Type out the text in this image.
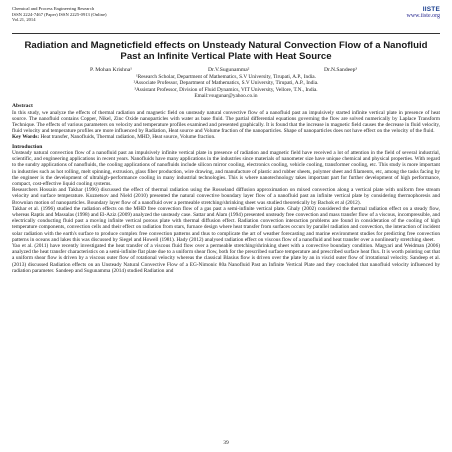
Chemical and Process Engineering Research
ISSN 2224-7467 (Paper) ISSN 2225-0913 (Online)
Vol.21, 2014
IISTE
www.iiste.org
Radiation and Magneticfield effects on Unsteady Natural Convection Flow of a Nanofluid Past an Infinite Vertical Plate with Heat Source
P. Mohan Krishna¹	Dr.V.Sugunamma²	Dr.N.Sandeep³
¹Research Scholar, Department of Mathematics, S.V University, Tirupati, A.P., India.
²Associate Professor, Department of Mathematics, S.V University, Tirupati, A.P., India.
³Assistant Professor, Division of Fluid Dynamics, VIT University, Vellore, T.N., India.
Email:vsugunar@yahoo.co.in
Abstract
In this study, we analyze the effects of thermal radiation and magnetic field on unsteady natural convective flow of a nanofluid past an impulsively started infinite vertical plate in presence of heat source. The nanofluid contains Copper, Nikel, Zinc Oxide nanoparticles with water as base fluid. The partial differential equations governing the flow are solved numerically by Laplace Transform Technique. The effects of various parameters on velocity and temperature profiles examined and presented graphically. It is found that the increase in magnetic field causes the decrease in fluid velocity, fluid velocity and temperature profiles are more influenced by Radiation, Heat source and Volume fraction of the nanoparticles. Shape of nanoparticles does not have effect on the velocity of the fluid.
Key Words: Heat transfer, Nanofluids, Thermal radiation, MHD, Heat source, Volume fraction.
Introduction
Unsteady natural convection flow of a nanofluid past an impulsively infinite vertical plate in presence of radiation and magnetic field have received a lot of attention in the field of several industrial, scientific, and engineering applications in recent years. Nanofluids have many applications in the industries since materials of nanometer size have unique chemical and physical properties. With regard to the sundry applications of nanofluids, the cooling applications of nanofluids include silicon mirror cooling, electronics cooling, vehicle cooling, transformer cooling, etc. This study is more important in industries such as hot rolling, melt spinning, extrusion, glass fiber production, wire drawing, and manufacture of plastic and rubber sheets, polymer sheet and filaments, etc, among the tasks facing by the engineer is the development of ultrahigh-performance cooling in many industrial technologies. This is where nanotechnology takes important part for further development of high performance, compact, cost-effective liquid cooling systems.
Researchers Hossain and Takhar (1996) discussed the effect of thermal radiation using the Rosseland diffusion approximation on mixed convection along a vertical plate with uniform free stream velocity and surface temperature. Kuznetsov and Nield (2010) presented the natural convective boundary layer flow of a nanofluid past an infinite vertical plate by considering thermophoresis and Brownian motion of nanoparticles. Boundary layer flow of a nanofluid over a permeable stretching/shrinking sheet was studied theoretically by Bachok et al (2012).
Takhar et al. (1996) studied the radiation effects on the MHD free convection flow of a gas past a semi-infinite vertical plate. Ghaly (2002) considered the thermal radiation effect on a steady flow, whereas Raptis and Massalas (1998) and El-Aziz (2009) analyzed the unsteady case. Sattar and Alam (1994) presented unsteady free convection and mass transfer flow of a viscous, incompressible, and electrically conducting fluid past a moving infinite vertical porous plate with thermal diffusion effect. Radiation convection interaction problems are found in consideration of the cooling of high temperature components, convection cells and their effect on radiation from stars, furnace design where heat transfer from surfaces occurs by parallel radiation and convection, the interaction of incident solar radiation with the earth's surface to produce complex free convection patterns and thus to complicate the art of weather forecasting and marine environment studies for predicting free convection patterns in oceans and lakes this was discussed by Siegel and Howell (1981). Hady (2012) analysed radiation effect on viscous flow of a nanofluid and heat transfer over a nonlinearly stretching sheet.
Yao et al. (2011) have recently investigated the heat transfer of a viscous fluid flow over a permeable stretching/shrinking sheet with a convective boundary condition. Magyari and Weidman (2006) analyzed the heat transfer characteristics on a semi-infinite flat plate due to a uniform shear flow, both for the prescribed surface temperature and prescribed surface heat flux. It is worth pointing out that a uniform shear flow is driven by a viscous outer flow of rotational velocity whereas the classical Blasius flow is driven over the plate by an in viscid outer flow of irrotational velocity. Sandeep et al. (2013) discussed Radiation effects on an Unsteady Natural Convective Flow of a EG-Nimonic 80a Nanofluid Past an Infinite Vertical Plate and they concluded that nanofluid velocity influenced by radiation parameter. Sandeep and Sugunamma (2014) studied Radiation and
39
